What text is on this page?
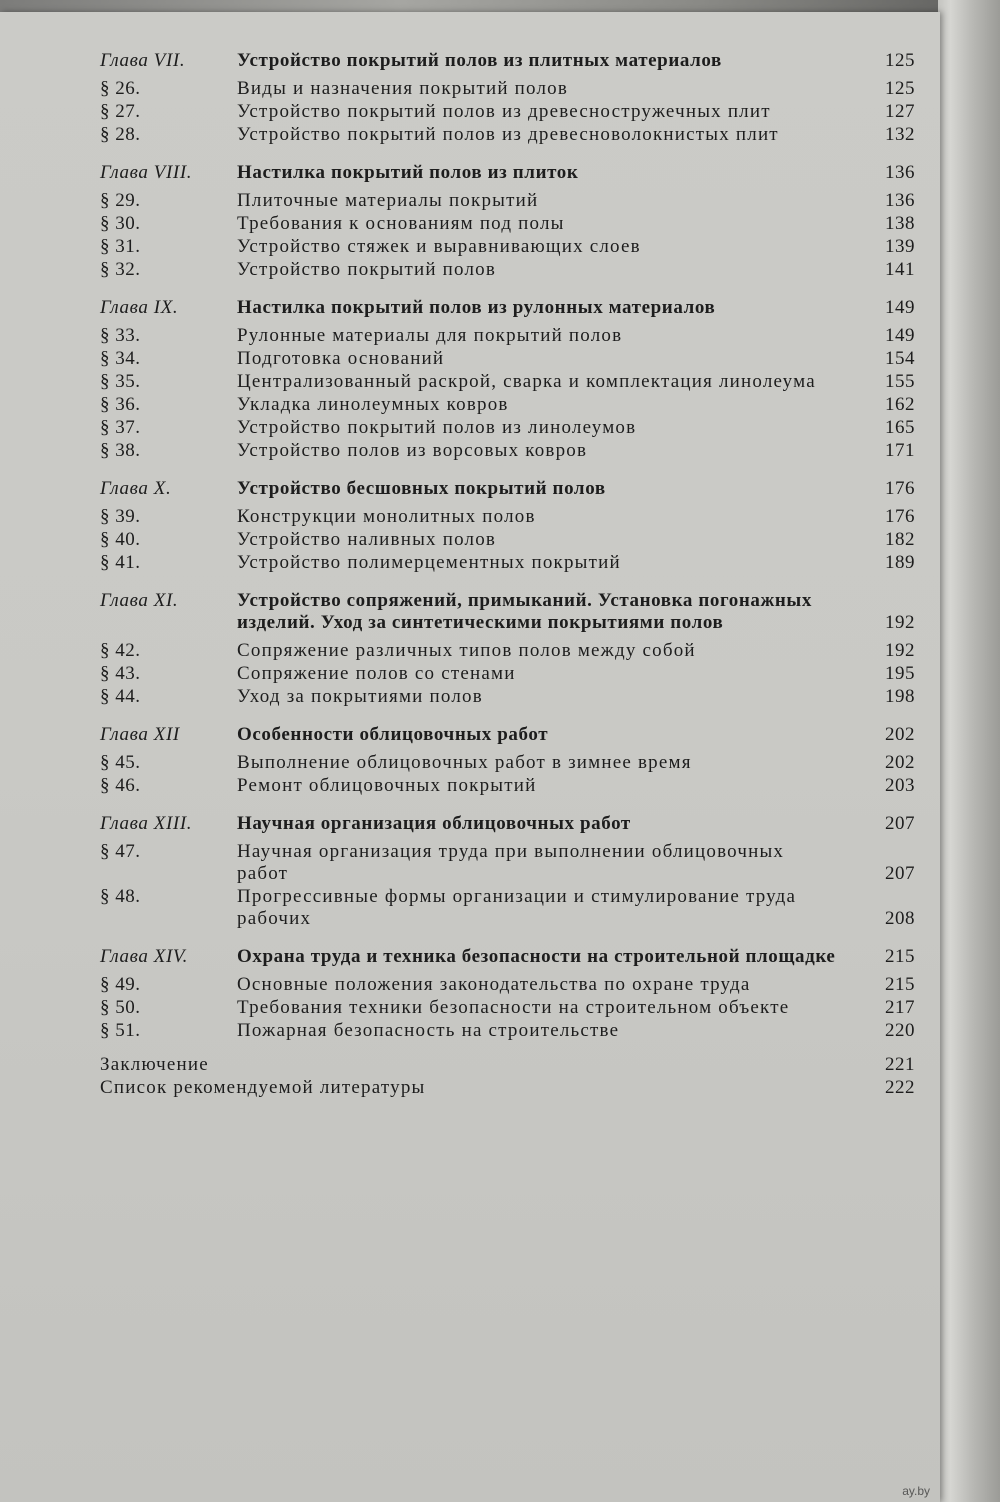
Глава VII.	Устройство покрытий полов из плитных материалов	125
§ 26.	Виды и назначения покрытий полов	125
§ 27.	Устройство покрытий полов из древесностружечных плит	127
§ 28.	Устройство покрытий полов из древесноволокнистых плит	132
Глава VIII.	Настилка покрытий полов из плиток	136
§ 29.	Плиточные материалы покрытий	136
§ 30.	Требования к основаниям под полы	138
§ 31.	Устройство стяжек и выравнивающих слоев	139
§ 32.	Устройство покрытий полов	141
Глава IX.	Настилка покрытий полов из рулонных материалов	149
§ 33.	Рулонные материалы для покрытий полов	149
§ 34.	Подготовка оснований	154
§ 35.	Централизованный раскрой, сварка и комплектация линолеума	155
§ 36.	Укладка линолеумных ковров	162
§ 37.	Устройство покрытий полов из линолеумов	165
§ 38.	Устройство полов из ворсовых ковров	171
Глава X.	Устройство бесшовных покрытий полов	176
§ 39.	Конструкции монолитных полов	176
§ 40.	Устройство наливных полов	182
§ 41.	Устройство полимерцементных покрытий	189
Глава XI.	Устройство сопряжений, примыканий. Установка погонажных изделий. Уход за синтетическими покрытиями полов	192
§ 42.	Сопряжение различных типов полов между собой	192
§ 43.	Сопряжение полов со стенами	195
§ 44.	Уход за покрытиями полов	198
Глава XII	Особенности облицовочных работ	202
§ 45.	Выполнение облицовочных работ в зимнее время	202
§ 46.	Ремонт облицовочных покрытий	203
Глава XIII.	Научная организация облицовочных работ	207
§ 47.	Научная организация труда при выполнении облицовочных работ	207
§ 48.	Прогрессивные формы организации и стимулирование труда рабочих	208
Глава XIV.	Охрана труда и техника безопасности на строительной площадке	215
§ 49.	Основные положения законодательства по охране труда	215
§ 50.	Требования техники безопасности на строительном объекте	217
§ 51.	Пожарная безопасность на строительстве	220
Заключение	221
Список рекомендуемой литературы	222
ay.by
